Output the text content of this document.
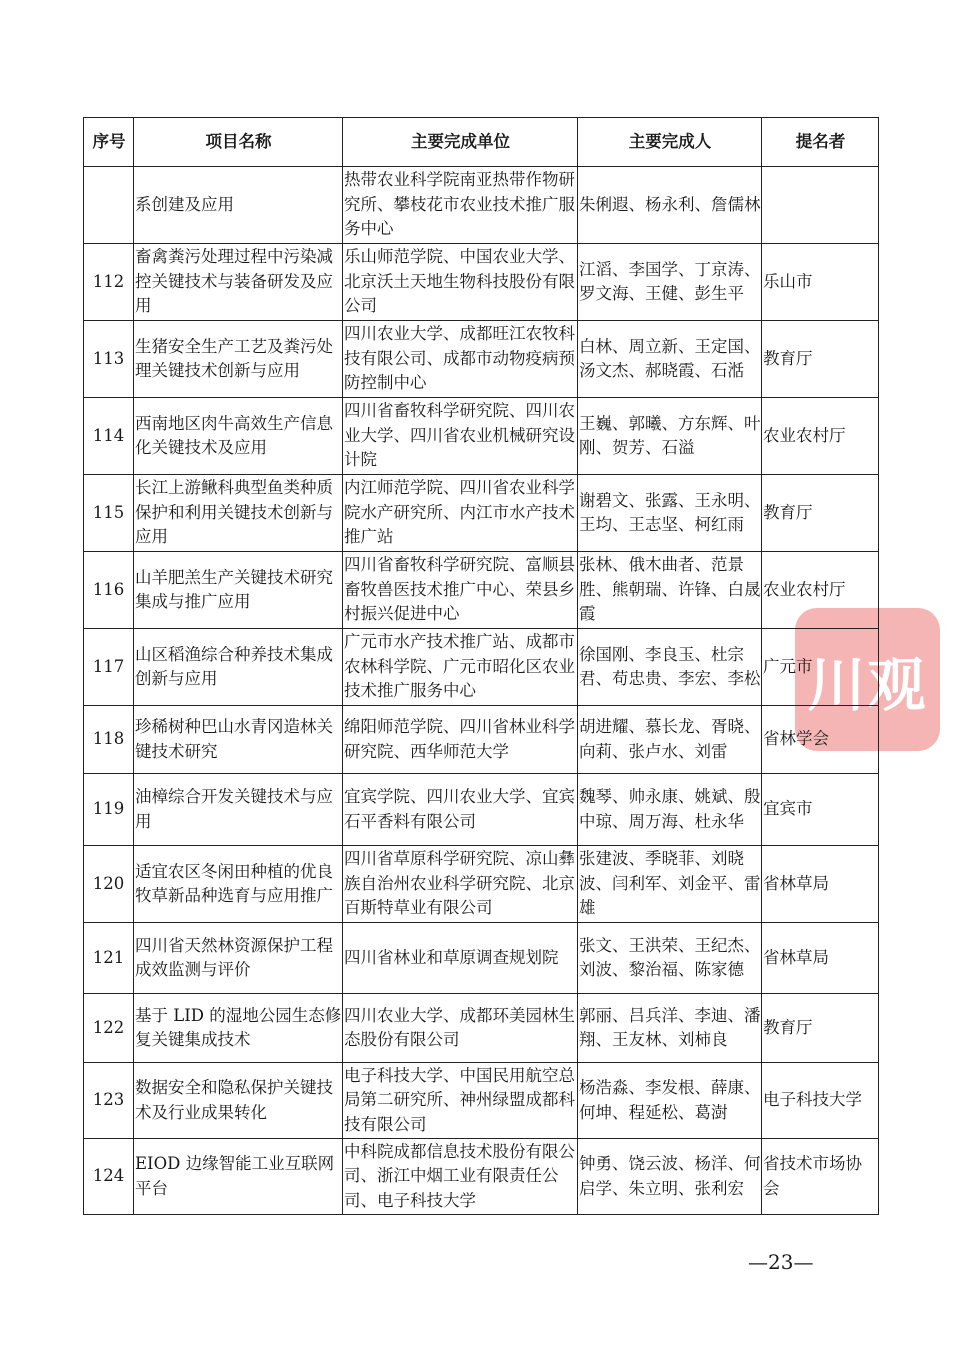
川观
序号	项目名称	主要完成单位	主要完成人	提名者
	系创建及应用	热带农业科学院南亚热带作物研究所、攀枝花市农业技术推广服务中心	朱俐遐、杨永利、詹儒林	
112	畜禽粪污处理过程中污染减控关键技术与装备研发及应用	乐山师范学院、中国农业大学、北京沃土天地生物科技股份有限公司	江滔、李国学、丁京涛、罗文海、王健、彭生平	乐山市
113	生猪安全生产工艺及粪污处理关键技术创新与应用	四川农业大学、成都旺江农牧科技有限公司、成都市动物疫病预防控制中心	白林、周立新、王定国、汤文杰、郝晓霞、石湉	教育厅
114	西南地区肉牛高效生产信息化关键技术及应用	四川省畜牧科学研究院、四川农业大学、四川省农业机械研究设计院	王巍、郭曦、方东辉、叶刚、贺芳、石溢	农业农村厅
115	长江上游鳅科典型鱼类种质保护和利用关键技术创新与应用	内江师范学院、四川省农业科学院水产研究所、内江市水产技术推广站	谢碧文、张露、王永明、王均、王志坚、柯红雨	教育厅
116	山羊肥羔生产关键技术研究集成与推广应用	四川省畜牧科学研究院、富顺县畜牧兽医技术推广中心、荣县乡村振兴促进中心	张林、俄木曲者、范景胜、熊朝瑞、许锋、白晟霞	农业农村厅
117	山区稻渔综合种养技术集成创新与应用	广元市水产技术推广站、成都市农林科学院、广元市昭化区农业技术推广服务中心	徐国刚、李良玉、杜宗君、苟忠贵、李宏、李松	广元市
118	珍稀树种巴山水青冈造林关键技术研究	绵阳师范学院、四川省林业科学研究院、西华师范大学	胡进耀、慕长龙、胥晓、向莉、张卢水、刘雷	省林学会
119	油樟综合开发关键技术与应用	宜宾学院、四川农业大学、宜宾石平香料有限公司	魏琴、帅永康、姚斌、殷中琼、周万海、杜永华	宜宾市
120	适宜农区冬闲田种植的优良牧草新品种选育与应用推广	四川省草原科学研究院、凉山彝族自治州农业科学研究院、北京百斯特草业有限公司	张建波、季晓菲、刘晓波、闫利军、刘金平、雷雄	省林草局
121	四川省天然林资源保护工程成效监测与评价	四川省林业和草原调查规划院	张文、王洪荣、王纪杰、刘波、黎治福、陈家德	省林草局
122	基于 LID 的湿地公园生态修复关键集成技术	四川农业大学、成都环美园林生态股份有限公司	郭丽、吕兵洋、李迪、潘翔、王友林、刘柿良	教育厅
123	数据安全和隐私保护关键技术及行业成果转化	电子科技大学、中国民用航空总局第二研究所、神州绿盟成都科技有限公司	杨浩淼、李发根、薛康、何坤、程延松、葛澍	电子科技大学
124	EIOD 边缘智能工业互联网平台	中科院成都信息技术股份有限公司、浙江中烟工业有限责任公司、电子科技大学	钟勇、饶云波、杨洋、何启学、朱立明、张利宏	省技术市场协会
—23—
